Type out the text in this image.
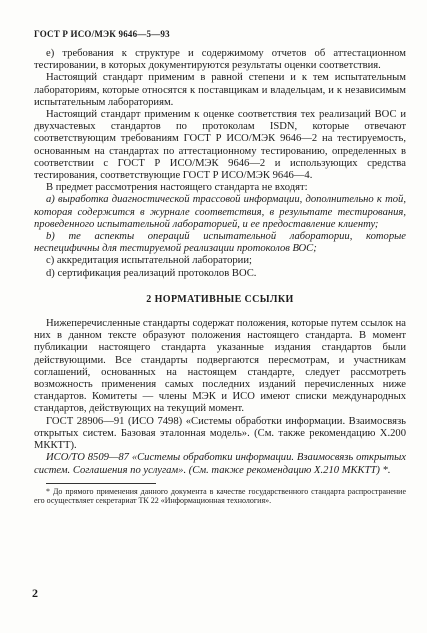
ГОСТ Р ИСО/МЭК 9646—5—93

е) требования к структуре и содержимому отчетов об аттестационном тестировании, в которых документируются результаты оценки соответствия.

Настоящий стандарт применим в равной степени и к тем испытательным лабораториям, которые относятся к поставщикам и владельцам, и к независимым испытательным лабораториям.

Настоящий стандарт применим к оценке соответствия тех реализаций ВОС и двухчастевых стандартов по протоколам ISDN, которые отвечают соответствующим требованиям ГОСТ Р ИСО/МЭК 9646—2 на тестируемость, основанным на стандартах по аттестационному тестированию, определенных в соответствии с ГОСТ Р ИСО/МЭК 9646—2 и использующих средства тестирования, соответствующие ГОСТ Р ИСО/МЭК 9646—4.

В предмет рассмотрения настоящего стандарта не входят:

а) выработка диагностической трассовой информации, дополнительно к той, которая содержится в журнале соответствия, в результате тестирования, проведенного испытательной лабораторией, и ее предоставление клиенту;

b) те аспекты операций испытательной лаборатории, которые неспецифичны для тестируемой реализации протоколов ВОС;

c) аккредитация испытательной лаборатории;

d) сертификация реализаций протоколов ВОС.

2 НОРМАТИВНЫЕ ССЫЛКИ

Нижеперечисленные стандарты содержат положения, которые путем ссылок на них в данном тексте образуют положения настоящего стандарта. В момент публикации настоящего стандарта указанные издания стандартов были действующими. Все стандарты подвергаются пересмотрам, и участникам соглашений, основанных на настоящем стандарте, следует рассмотреть возможность применения самых последних изданий перечисленных ниже стандартов. Комитеты — члены МЭК и ИСО имеют списки международных стандартов, действующих на текущий момент.

ГОСТ 28906—91 (ИСО 7498) «Системы обработки информации. Взаимосвязь открытых систем. Базовая эталонная модель». (См. также рекомендацию Х.200 МККТТ).

ИСО/ТО 8509—87 «Системы обработки информации. Взаимосвязь открытых систем. Соглашения по услугам». (См. также рекомендацию Х.210 МККТТ) *.

* До прямого применения данного документа в качестве государственного стандарта распространение его осуществляет секретариат ТК 22 «Информационная технология».

2
